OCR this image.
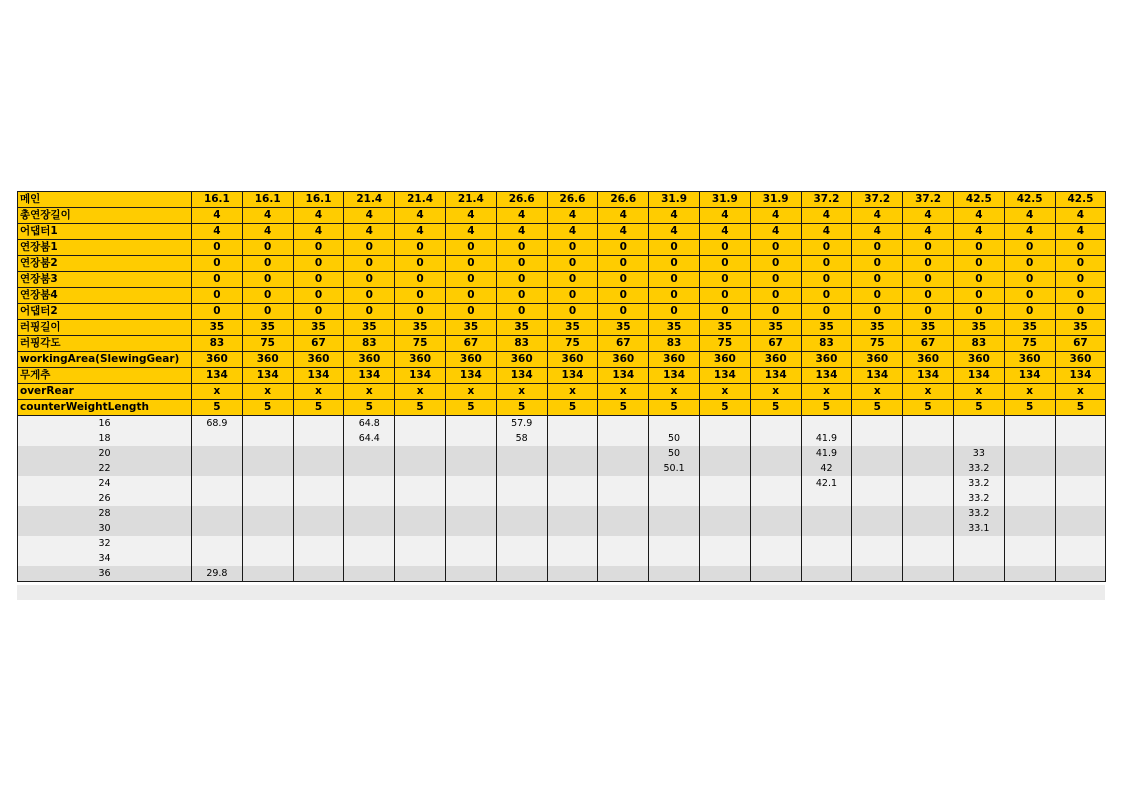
메인	16.1	16.1	16.1	21.4	21.4	21.4	26.6	26.6	26.6	31.9	31.9	31.9	37.2	37.2	37.2	42.5	42.5	42.5
총연장길이	4	4	4	4	4	4	4	4	4	4	4	4	4	4	4	4	4	4
어댑터1	4	4	4	4	4	4	4	4	4	4	4	4	4	4	4	4	4	4
연장붐1	0	0	0	0	0	0	0	0	0	0	0	0	0	0	0	0	0	0
연장붐2	0	0	0	0	0	0	0	0	0	0	0	0	0	0	0	0	0	0
연장붐3	0	0	0	0	0	0	0	0	0	0	0	0	0	0	0	0	0	0
연장붐4	0	0	0	0	0	0	0	0	0	0	0	0	0	0	0	0	0	0
어댑터2	0	0	0	0	0	0	0	0	0	0	0	0	0	0	0	0	0	0
러핑길이	35	35	35	35	35	35	35	35	35	35	35	35	35	35	35	35	35	35
러핑각도	83	75	67	83	75	67	83	75	67	83	75	67	83	75	67	83	75	67
workingArea(SlewingGear)	360	360	360	360	360	360	360	360	360	360	360	360	360	360	360	360	360	360
무게추	134	134	134	134	134	134	134	134	134	134	134	134	134	134	134	134	134	134
overRear	x	x	x	x	x	x	x	x	x	x	x	x	x	x	x	x	x	x
counterWeightLength	5	5	5	5	5	5	5	5	5	5	5	5	5	5	5	5	5	5
16	68.9			64.8			57.9											
18				64.4			58			50			41.9					
20										50			41.9			33		
22										50.1			42			33.2		
24													42.1			33.2		
26																33.2		
28																33.2		
30																33.1		
32																		
34																		
36	29.8																	
